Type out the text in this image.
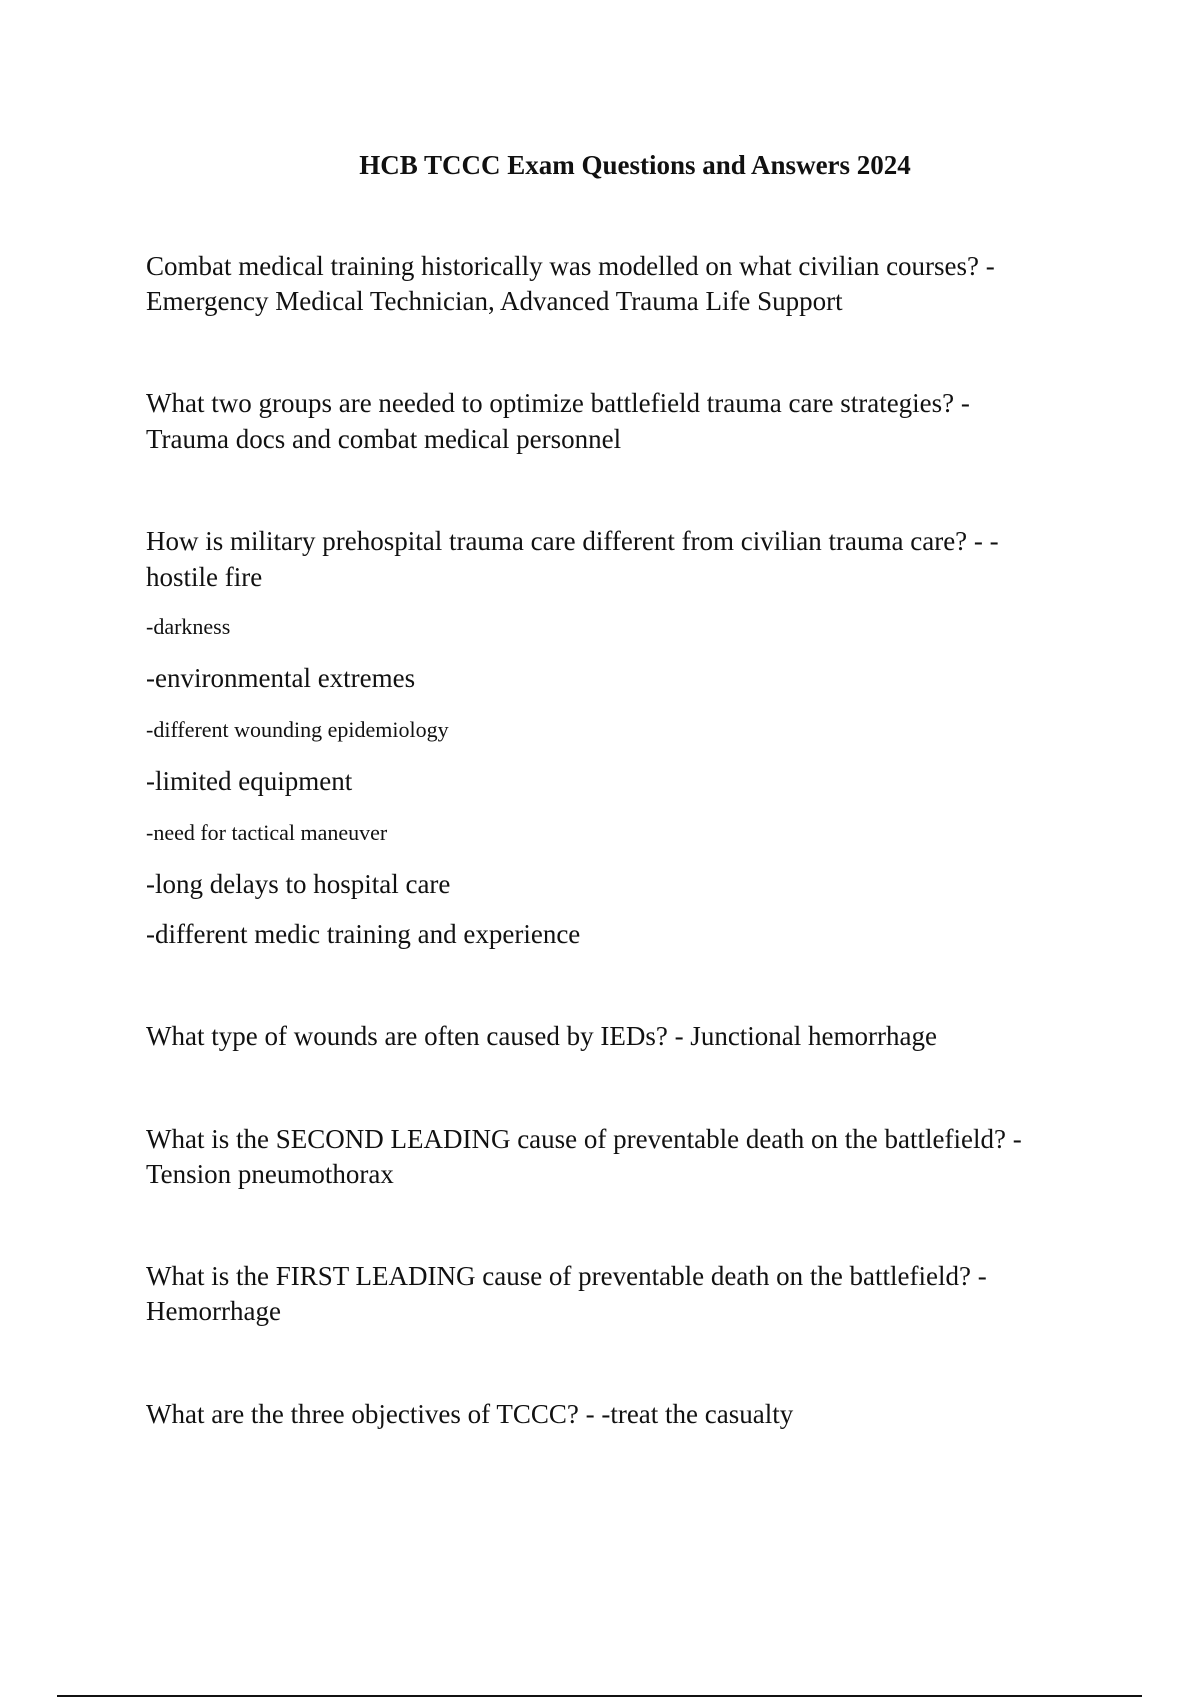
HCB TCCC Exam Questions and Answers 2024
Combat medical training historically was modelled on what civilian courses? -
Emergency Medical Technician, Advanced Trauma Life Support
What two groups are needed to optimize battlefield trauma care strategies? -
Trauma docs and combat medical personnel
How is military prehospital trauma care different from civilian trauma care? - -
hostile fire
-darkness
-environmental extremes
-different wounding epidemiology
-limited equipment
-need for tactical maneuver
-long delays to hospital care
-different medic training and experience
What type of wounds are often caused by IEDs? - Junctional hemorrhage
What is the SECOND LEADING cause of preventable death on the battlefield? -
Tension pneumothorax
What is the FIRST LEADING cause of preventable death on the battlefield? -
Hemorrhage
What are the three objectives of TCCC? - -treat the casualty
